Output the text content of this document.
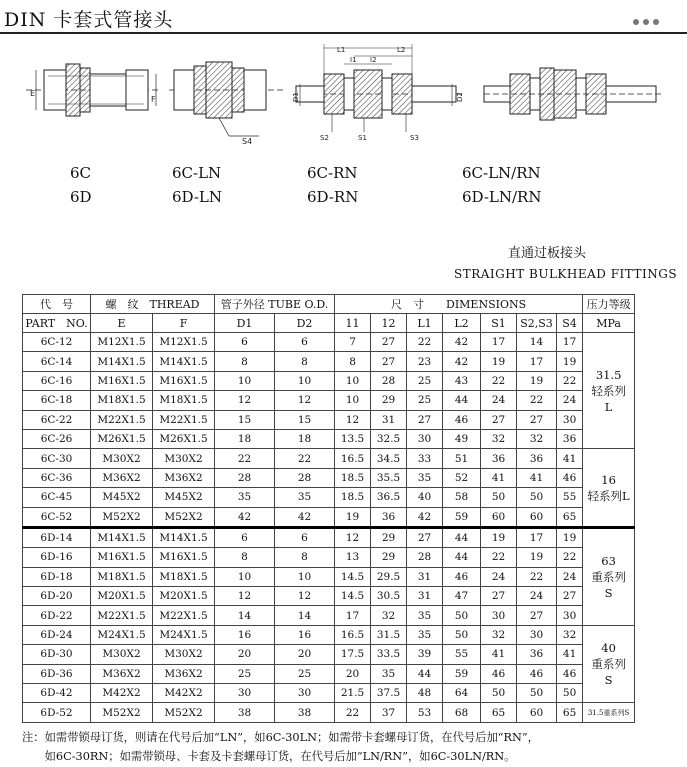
DIN 卡套式管接头
E
F
S4
L1	L2
I1 I2
D1	D2
S2	S1	S3
6C
6D
6C-LN
6D-LN
6C-RN
6D-RN
6C-LN/RN
6D-LN/RN
直通过板接头
STRAIGHT BULKHEAD FITTINGS
代　号	螺　纹　THREAD		管子外径 TUBE O.D.		尺　寸　　DIMENSIONS							压力等级
PART　NO.	E	F	D1	D2	11	12	L1	L2	S1	S2,S3	S4	MPa
6C-12	M12X1.5	M12X1.5	6	6	7	27	22	42	17	14	17	31.5
轻系列
L

6C-14	M14X1.5	M14X1.5	8	8	8	27	23	42	19	17	19	
6C-16	M16X1.5	M16X1.5	10	10	10	28	25	43	22	19	22	
6C-18	M18X1.5	M18X1.5	12	12	10	29	25	44	24	22	24	
6C-22	M22X1.5	M22X1.5	15	15	12	31	27	46	27	27	30	
6C-26	M26X1.5	M26X1.5	18	18	13.5	32.5	30	49	32	32	36	
6C-30	M30X2	M30X2	22	22	16.5	34.5	33	51	36	36	41	16
轻系列L

6C-36	M36X2	M36X2	28	28	18.5	35.5	35	52	41	41	46	
6C-45	M45X2	M45X2	35	35	18.5	36.5	40	58	50	50	55	
6C-52	M52X2	M52X2	42	42	19	36	42	59	60	60	65	
6D-14	M14X1.5	M14X1.5	6	6	12	29	27	44	19	17	19	63
重系列
S

6D-16	M16X1.5	M16X1.5	8	8	13	29	28	44	22	19	22	
6D-18	M18X1.5	M18X1.5	10	10	14.5	29.5	31	46	24	22	24	
6D-20	M20X1.5	M20X1.5	12	12	14.5	30.5	31	47	27	24	27	
6D-22	M22X1.5	M22X1.5	14	14	17	32	35	50	30	27	30	
6D-24	M24X1.5	M24X1.5	16	16	16.5	31.5	35	50	32	30	32	40
重系列
S

6D-30	M30X2	M30X2	20	20	17.5	33.5	39	55	41	36	41	
6D-36	M36X2	M36X2	25	25	20	35	44	59	46	46	46	
6D-42	M42X2	M42X2	30	30	21.5	37.5	48	64	50	50	50	
6D-52	M52X2	M52X2	38	38	22	37	53	68	65	60	65	31.5重系列S
注：如需带锁母订货，则请在代号后加“LN”，如6C-30LN；如需带卡套螺母订货，在代号后加“RN”，
　　如6C-30RN；如需带锁母、卡套及卡套螺母订货，在代号后加“LN/RN”，如6C-30LN/RN。
